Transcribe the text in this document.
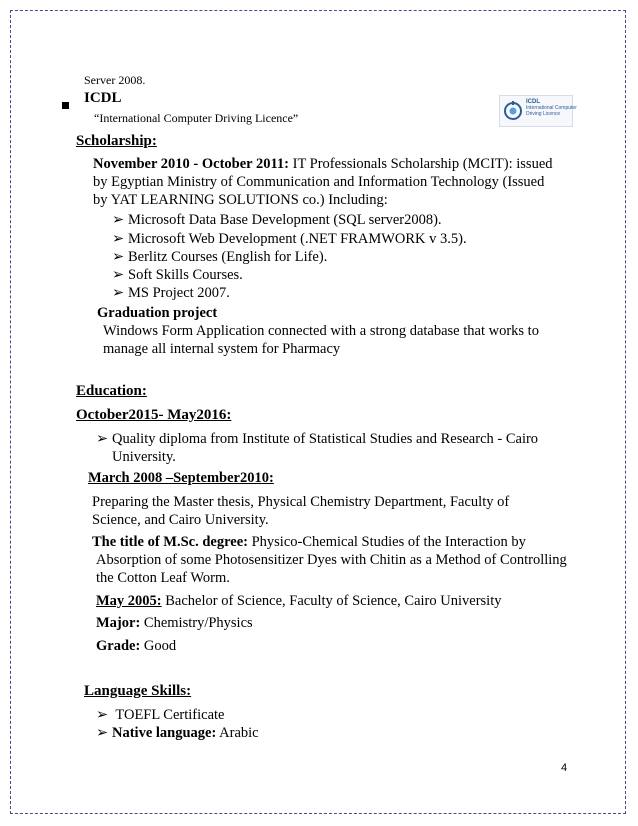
Server 2008.
ICDL
“International Computer Driving Licence”
ICDL
International Computer
Driving Licence
Scholarship:
November 2010 - October 2011: IT Professionals Scholarship (MCIT): issued
by Egyptian Ministry of Communication and Information Technology (Issued
by YAT LEARNING SOLUTIONS co.) Including:
➢ Microsoft Data Base Development (SQL server2008).
➢ Microsoft Web Development (.NET FRAMWORK v 3.5).
➢ Berlitz Courses (English for Life).
➢ Soft Skills Courses.
➢ MS Project 2007.
Graduation project
Windows Form Application connected with a strong database that works to
manage all internal system for Pharmacy
Education:
October2015- May2016:
➢ Quality diploma from Institute of Statistical Studies and Research - Cairo
University.
March 2008 –September2010:
Preparing the Master thesis, Physical Chemistry Department, Faculty of
Science, and Cairo University.
The title of M.Sc. degree: Physico-Chemical Studies of the Interaction by
Absorption of some Photosensitizer Dyes with Chitin as a Method of Controlling
the Cotton Leaf Worm.
May 2005: Bachelor of Science, Faculty of Science, Cairo University
Major: Chemistry/Physics
Grade: Good
Language Skills:
➢ TOEFL Certificate
➢ Native language: Arabic
4
